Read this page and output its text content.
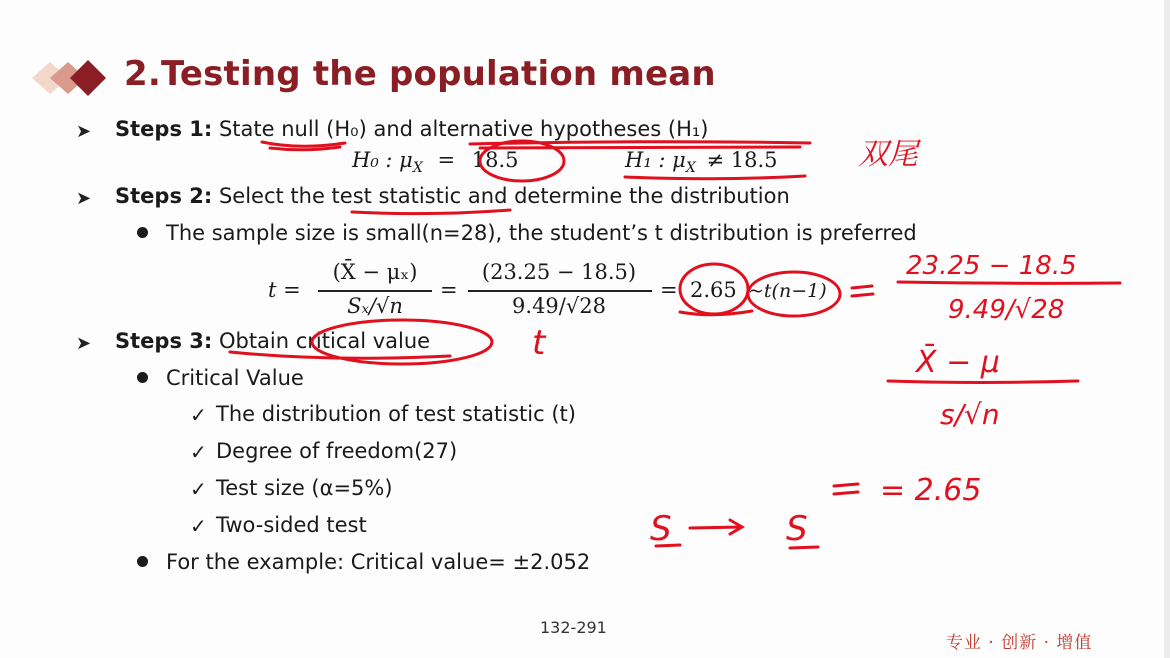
2.Testing the population mean
➤ Steps 1: State null (H₀) and alternative hypotheses (H₁)
H₀ : $\mu_X = 18.5$	H₁ : $\mu_X \ne 18.5$
➤ Steps 2: Select the test statistic and determine the distribution
The sample size is small(n=28), the student’s t distribution is preferred
t =
(X̄ − μₓ)
Sₓ/√n
=
(23.25 − 18.5)
9.49/√28
= 2.65 ~t(n−1)
➤ Steps 3: Obtain critical value
Critical Value
✓ The distribution of test statistic (t)
✓ Degree of freedom(27)
✓ Test size (α=5%)
✓ Two-sided test
For the example: Critical value= ±2.052
双尾
t
23.25 − 18.5
9.49/√28
X̄ − μ
s/√n
= 2.65
S	S
132-291
专业 · 创新 · 增值
